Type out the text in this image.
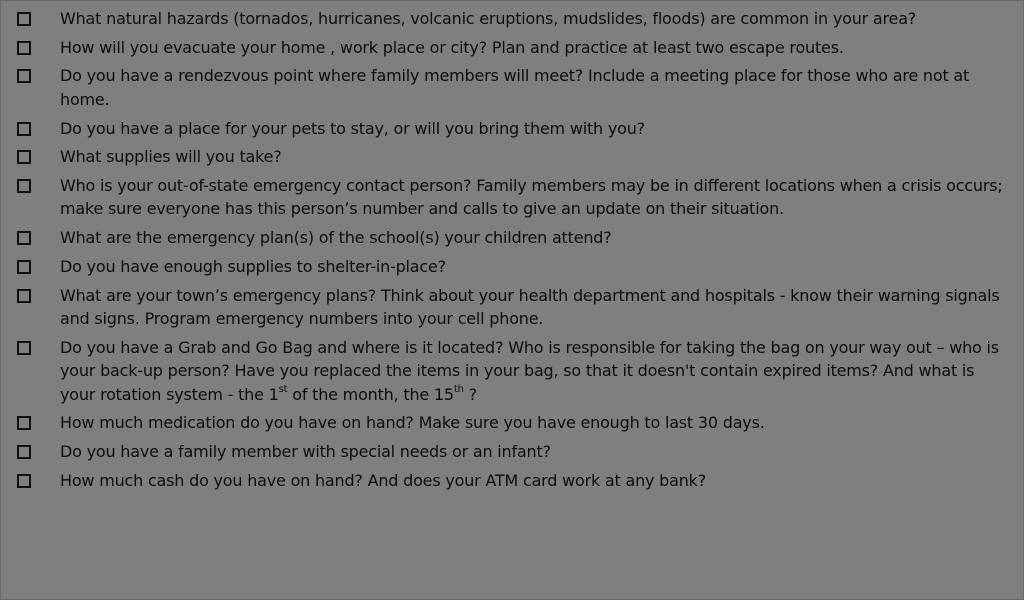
What natural hazards (tornados, hurricanes, volcanic eruptions, mudslides, floods) are common in your area?
How will you evacuate your home , work place or city? Plan and practice at least two escape routes.
Do you have a rendezvous point where family members will meet? Include a meeting place for those who are not at home.
Do you have a place for your pets to stay, or will you bring them with you?
What supplies will you take?
Who is your out-of-state emergency contact person? Family members may be in different locations when a crisis occurs; make sure everyone has this person’s number and calls to give an update on their situation.
What are the emergency plan(s) of the school(s) your children attend?
Do you have enough supplies to shelter-in-place?
What are your town’s emergency plans? Think about your health department and hospitals - know their warning signals and signs. Program emergency numbers into your cell phone.
Do you have a Grab and Go Bag and where is it located? Who is responsible for taking the bag on your way out – who is your back-up person? Have you replaced the items in your bag, so that it doesn't contain expired items? And what is your rotation system - the 1st of the month, the 15th ?
How much medication do you have on hand? Make sure you have enough to last 30 days.
Do you have a family member with special needs or an infant?
How much cash do you have on hand? And does your ATM card work at any bank?
